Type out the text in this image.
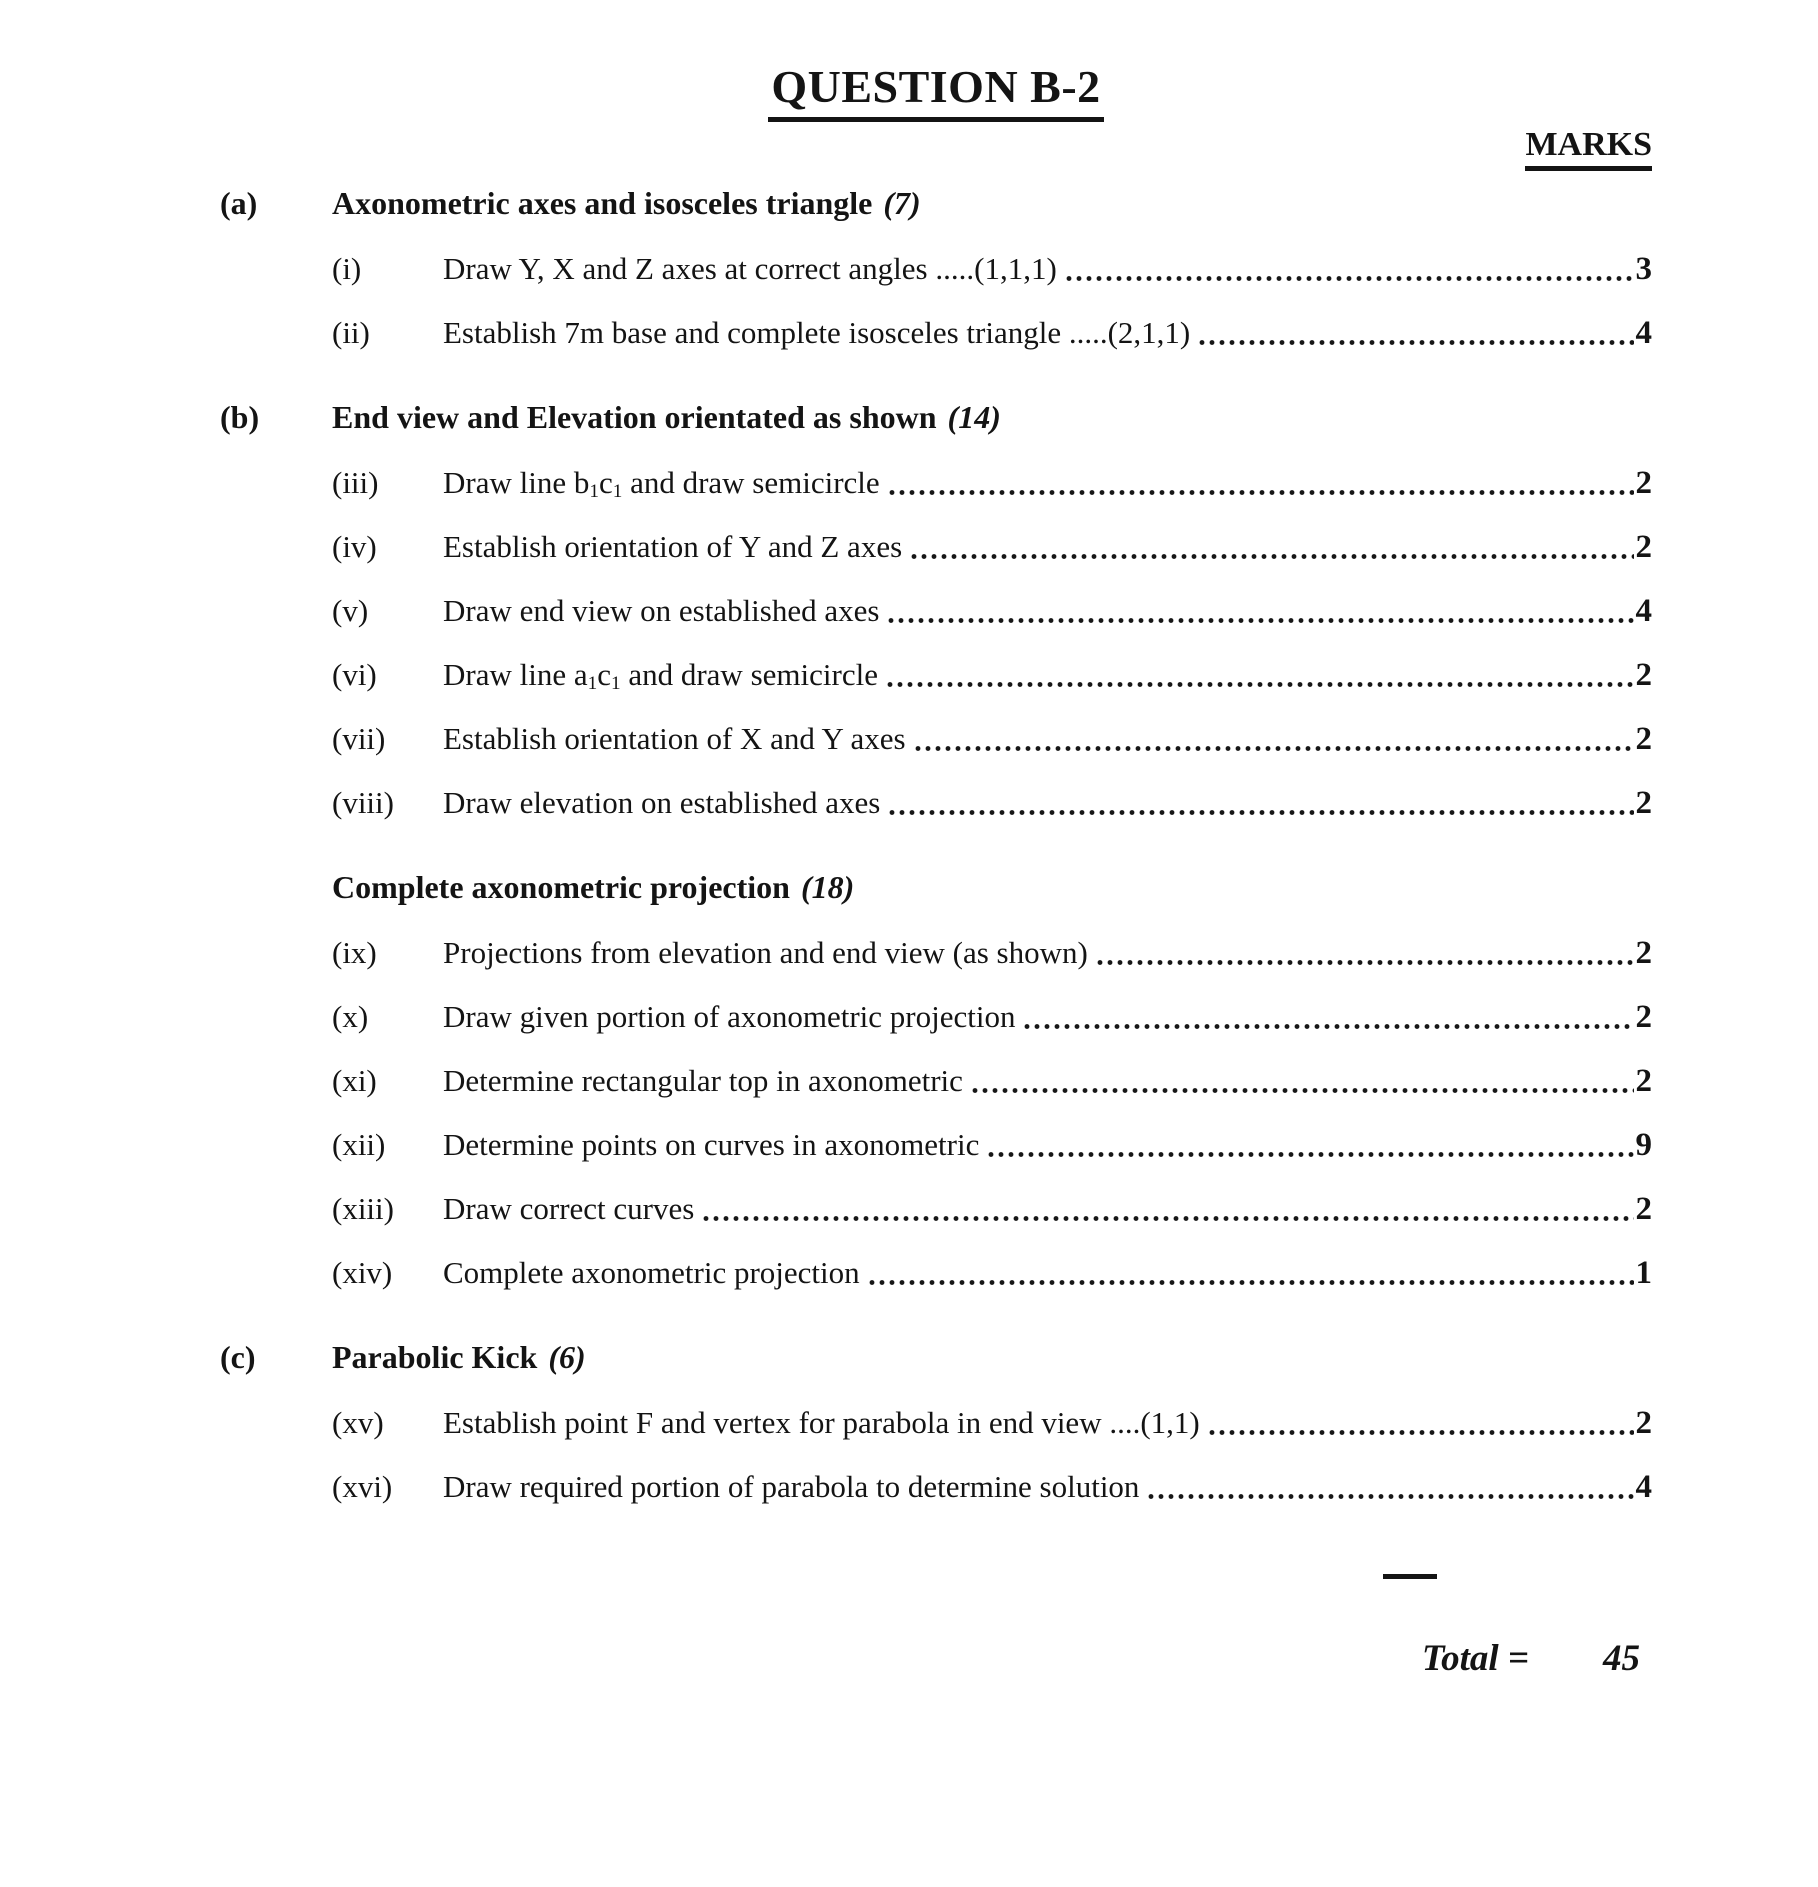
QUESTION B-2
MARKS
(a)	Axonometric axes and isosceles triangle (7)
(i)	Draw Y, X and Z axes at correct angles .....(1,1,1)	3
(ii)	Establish 7m base and complete isosceles triangle .....(2,1,1)	4
(b)	End view and Elevation orientated as shown (14)
(iii)	Draw line $b_1c_1$ and draw semicircle	2
(iv)	Establish orientation of Y and Z axes	2
(v)	Draw end view on established axes	4
(vi)	Draw line $a_1c_1$ and draw semicircle	2
(vii)	Establish orientation of X and Y axes	2
(viii)	Draw elevation on established axes	2
Complete axonometric projection (18)
(ix)	Projections from elevation and end view (as shown)	2
(x)	Draw given portion of axonometric projection	2
(xi)	Determine rectangular top in axonometric	2
(xii)	Determine points on curves in axonometric	9
(xiii)	Draw correct curves	2
(xiv)	Complete axonometric projection	1
(c)	Parabolic Kick (6)
(xv)	Establish point F and vertex for parabola in end view ....(1,1)	2
(xvi)	Draw required portion of parabola to determine solution	4
Total = 45
